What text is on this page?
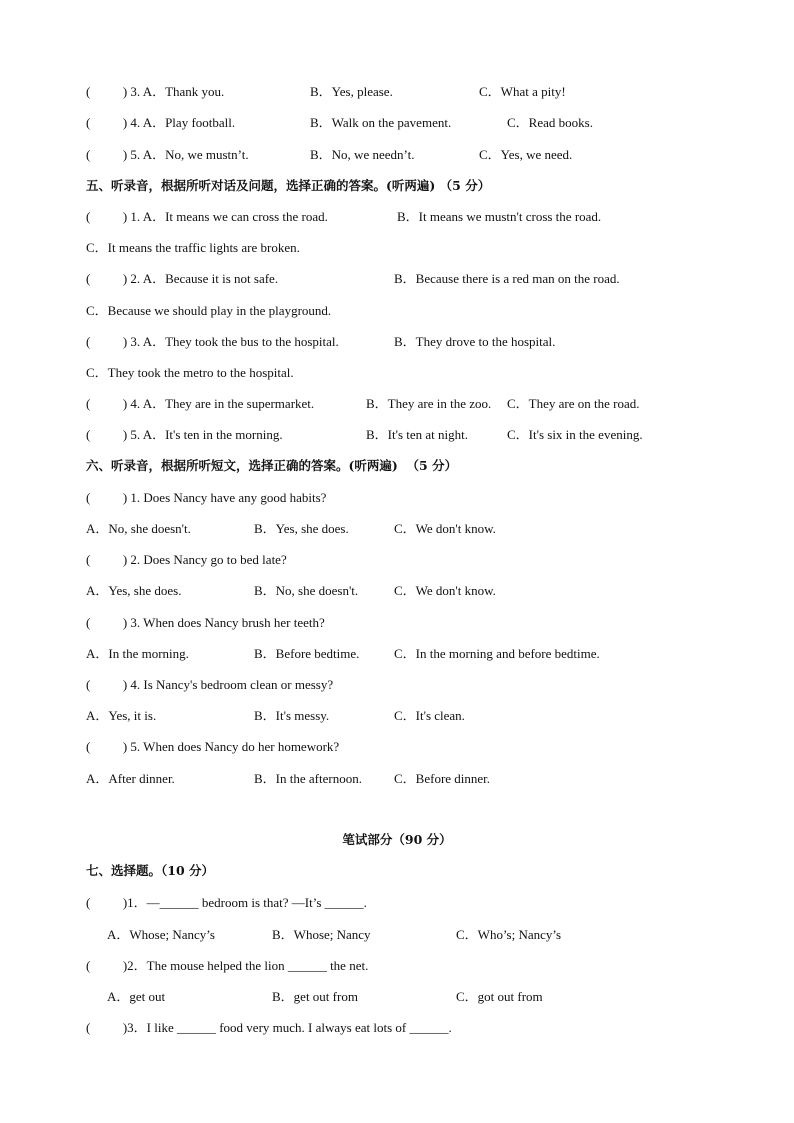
(          ) 3. A．Thank you.	B．Yes, please.	C．What a pity!
(          ) 4. A．Play football.	B．Walk on the pavement.	C．Read books.
(          ) 5. A．No, we mustn’t.	B．No, we needn’t.	C．Yes, we need.
五、听录音，根据所听对话及问题，选择正确的答案。(听两遍) （5 分）
(          ) 1. A．It means we can cross the road.	B．It means we mustn't cross the road.
C．It means the traffic lights are broken.
(          ) 2. A．Because it is not safe.	B．Because there is a red man on the road.
C．Because we should play in the playground.
(          ) 3. A．They took the bus to the hospital.	B．They drove to the hospital.
C．They took the metro to the hospital.
(          ) 4. A．They are in the supermarket.	B．They are in the zoo. C．They are on the road.
(          ) 5. A．It's ten in the morning.	B．It's ten at night.	C．It's six in the evening.
六、听录音，根据所听短文，选择正确的答案。(听两遍)  （5 分）
(          ) 1. Does Nancy have any good habits?
A．No, she doesn't.	B．Yes, she does.	C．We don't know.
(          ) 2. Does Nancy go to bed late?
A．Yes, she does.	B．No, she doesn't.	C．We don't know.
(          ) 3. When does Nancy brush her teeth?
A．In the morning.	B．Before bedtime.	C．In the morning and before bedtime.
(          ) 4. Is Nancy's bedroom clean or messy?
A．Yes, it is.	B．It's messy.	C．It's clean.
(          ) 5. When does Nancy do her homework?
A．After dinner.	B．In the afternoon. C．Before dinner.
笔试部分（90 分）
七、选择题。（10 分）
(          )1．—______ bedroom is that? —It’s ______.
A．Whose; Nancy’s	B．Whose; Nancy	C．Who’s; Nancy’s
(          )2．The mouse helped the lion ______ the net.
A．get out	B．get out from	C．got out from
(          )3．I like ______ food very much. I always eat lots of ______.
